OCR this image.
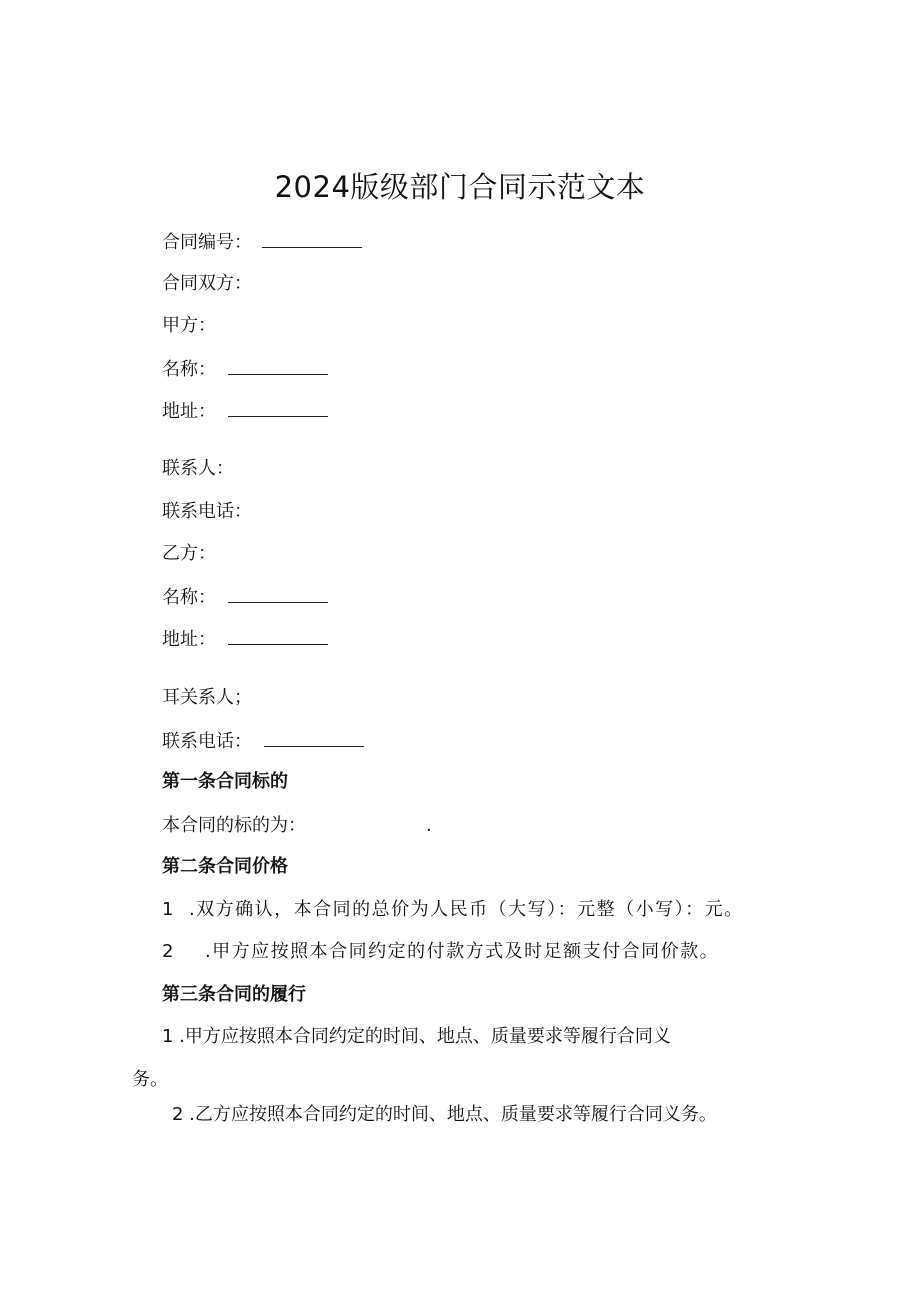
2024版级部门合同示范文本
合同编号：
合同双方：
甲方：
名称：
地址：
联系人：
联系电话：
乙方：
名称：
地址：
耳关系人；
联系电话：
第一条合同标的
本合同的标的为：	.
第二条合同价格
1 .双方确认，本合同的总价为人民币（大写）：元整（小写）：元。
2 .甲方应按照本合同约定的付款方式及时足额支付合同价款。
第三条合同的履行
1 .甲方应按照本合同约定的时间、地点、质量要求等履行合同义
务。
2 .乙方应按照本合同约定的时间、地点、质量要求等履行合同义务。
